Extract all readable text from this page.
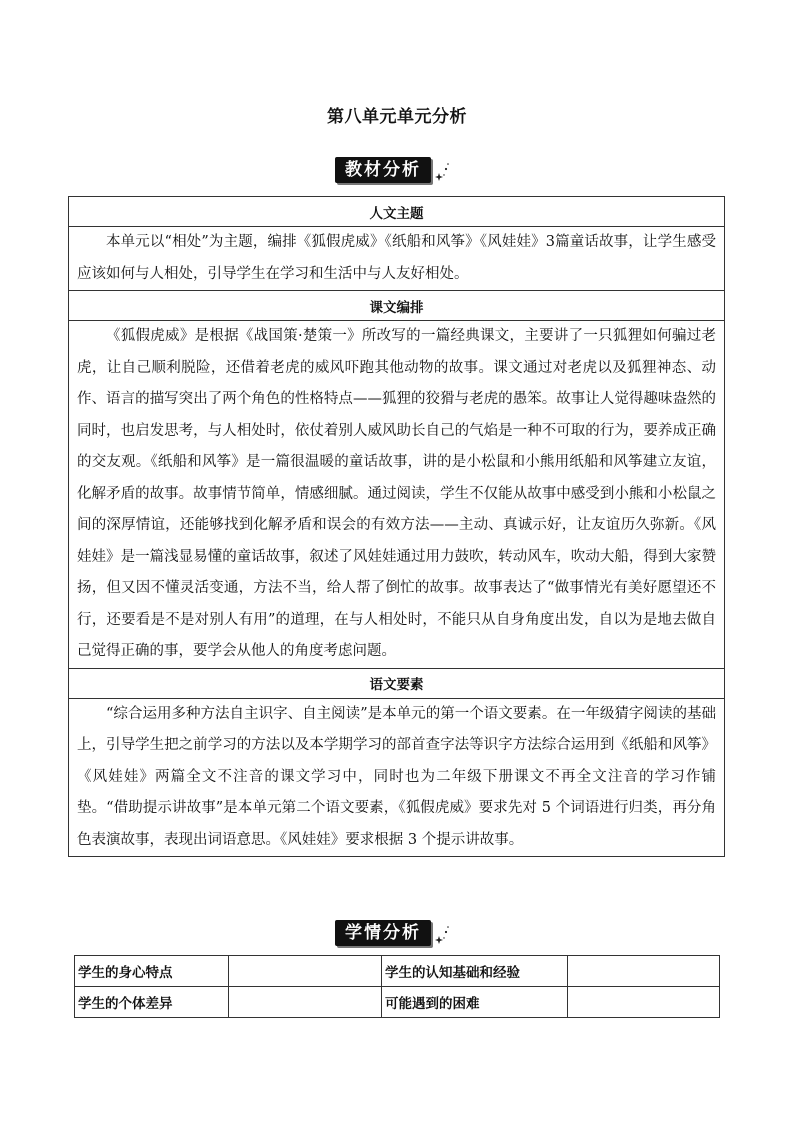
第八单元单元分析
教材分析
人文主题
本单元以“相处”为主题，编排《狐假虎威》《纸船和风筝》《风娃娃》3篇童话故事，让学生感受应该如何与人相处，引导学生在学习和生活中与人友好相处。
课文编排
《狐假虎威》是根据《战国策·楚策一》所改写的一篇经典课文，主要讲了一只狐狸如何骗过老虎，让自己顺利脱险，还借着老虎的威风吓跑其他动物的故事。课文通过对老虎以及狐狸神态、动作、语言的描写突出了两个角色的性格特点——狐狸的狡猾与老虎的愚笨。故事让人觉得趣味盎然的同时，也启发思考，与人相处时，依仗着别人威风助长自己的气焰是一种不可取的行为，要养成正确的交友观。《纸船和风筝》是一篇很温暖的童话故事，讲的是小松鼠和小熊用纸船和风筝建立友谊，化解矛盾的故事。故事情节简单，情感细腻。通过阅读，学生不仅能从故事中感受到小熊和小松鼠之间的深厚情谊，还能够找到化解矛盾和误会的有效方法——主动、真诚示好，让友谊历久弥新。《风娃娃》是一篇浅显易懂的童话故事，叙述了风娃娃通过用力鼓吹，转动风车，吹动大船，得到大家赞扬，但又因不懂灵活变通，方法不当，给人帮了倒忙的故事。故事表达了“做事情光有美好愿望还不行，还要看是不是对别人有用”的道理，在与人相处时，不能只从自身角度出发，自以为是地去做自己觉得正确的事，要学会从他人的角度考虑问题。
语文要素
“综合运用多种方法自主识字、自主阅读”是本单元的第一个语文要素。在一年级猜字阅读的基础上，引导学生把之前学习的方法以及本学期学习的部首查字法等识字方法综合运用到《纸船和风筝》《风娃娃》两篇全文不注音的课文学习中，同时也为二年级下册课文不再全文注音的学习作铺垫。“借助提示讲故事”是本单元第二个语文要素，《狐假虎威》要求先对 5 个词语进行归类，再分角色表演故事，表现出词语意思。《风娃娃》要求根据 3 个提示讲故事。
学情分析
学生的身心特点		学生的认知基础和经验	
学生的个体差异		可能遇到的困难	
